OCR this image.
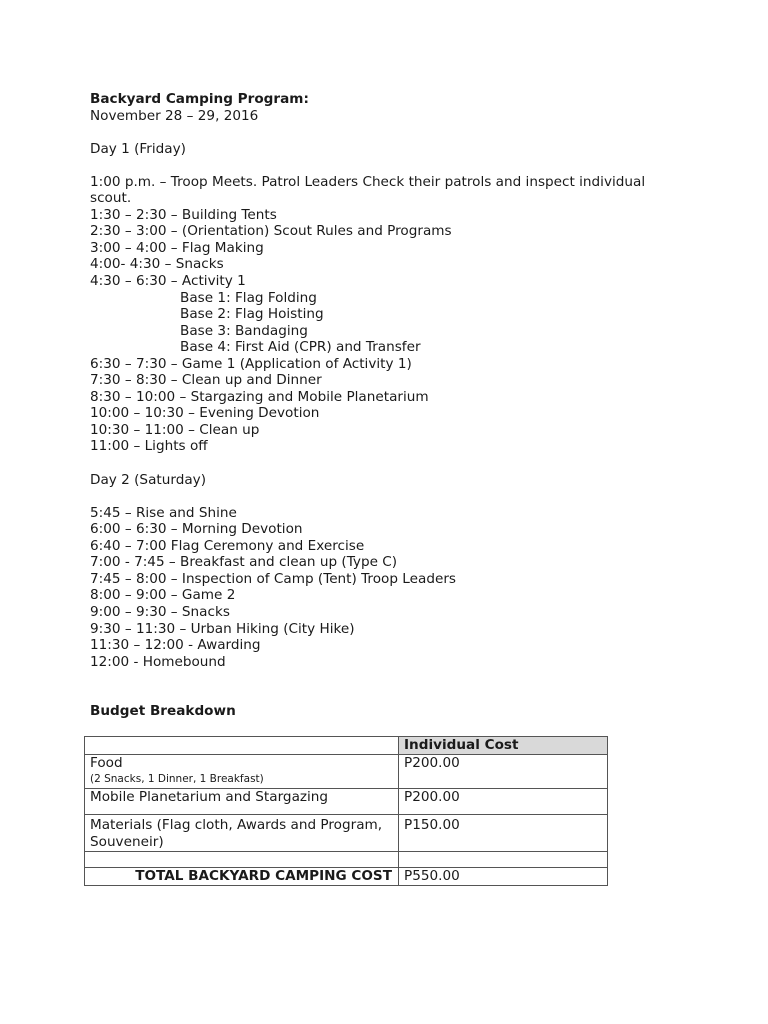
Backyard Camping Program:
November 28 – 29, 2016
Day 1 (Friday)
1:00 p.m. – Troop Meets. Patrol Leaders Check their patrols and inspect individual scout.
1:30 – 2:30 – Building Tents
2:30 – 3:00 – (Orientation) Scout Rules and Programs
3:00 – 4:00 – Flag Making
4:00- 4:30 – Snacks
4:30 – 6:30 – Activity 1
Base 1: Flag Folding
Base 2: Flag Hoisting
Base 3: Bandaging
Base 4: First Aid (CPR) and Transfer
6:30 – 7:30 – Game 1 (Application of Activity 1)
7:30 – 8:30 – Clean up and Dinner
8:30 – 10:00 – Stargazing and Mobile Planetarium
10:00 – 10:30 – Evening Devotion
10:30 – 11:00 – Clean up
11:00 – Lights off
Day 2 (Saturday)
5:45 – Rise and Shine
6:00 – 6:30 – Morning Devotion
6:40 – 7:00 Flag Ceremony and Exercise
7:00 - 7:45 – Breakfast and clean up (Type C)
7:45 – 8:00 – Inspection of Camp (Tent) Troop Leaders
8:00 – 9:00 – Game 2
9:00 – 9:30 – Snacks
9:30 – 11:30 – Urban Hiking (City Hike)
11:30 – 12:00 - Awarding
12:00 - Homebound
Budget Breakdown
	Individual Cost
Food
(2 Snacks, 1 Dinner, 1 Breakfast)	P200.00
Mobile Planetarium and Stargazing	P200.00
Materials (Flag cloth, Awards and Program, Souveneir)	P150.00

TOTAL BACKYARD CAMPING COST	P550.00
